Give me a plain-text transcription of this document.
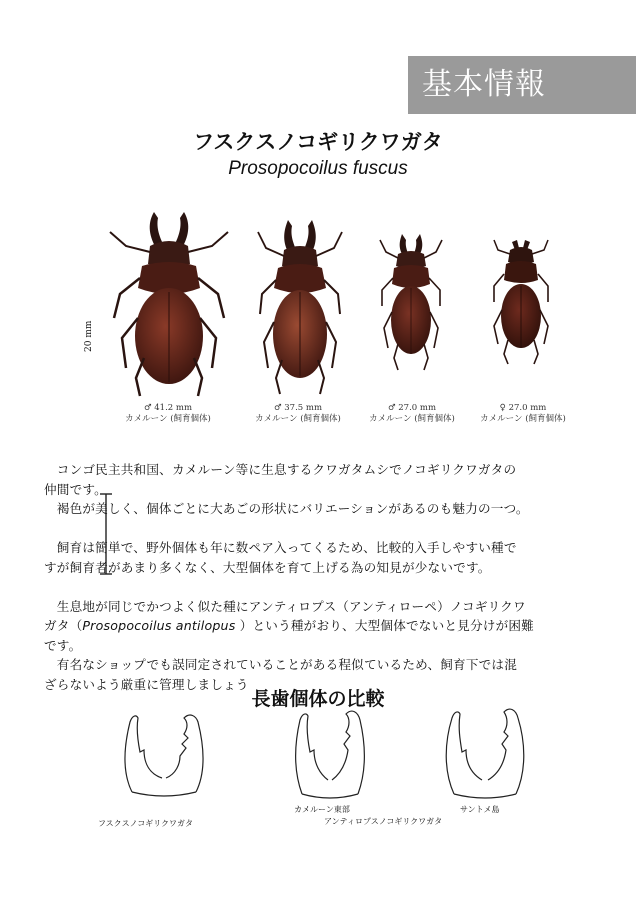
基本情報
フスクスノコギリクワガタ
Prosopocoilus fuscus
20 mm
♂ 41.2 mm
カメルーン (飼育個体)
♂ 37.5 mm
カメルーン (飼育個体)
♂ 27.0 mm
カメルーン (飼育個体)
♀ 27.0 mm
カメルーン (飼育個体)

　コンゴ民主共和国、カメルーン等に生息するクワガタムシでノコギリクワガタの

仲間です。

　褐色が美しく、個体ごとに大あごの形状にバリエーションがあるのも魅力の一つ。

　飼育は簡単で、野外個体も年に数ペア入ってくるため、比較的入手しやすい種で

すが飼育者があまり多くなく、大型個体を育て上げる為の知見が少ないです。

　生息地が同じでかつよく似た種にアンティロプス（アンティローペ）ノコギリクワ

ガタ（Prosopocoilus antilopus ）という種がおり、大型個体でないと見分けが困難

です。

　有名なショップでも誤同定されていることがある程似ているため、飼育下では混

ざらないよう厳重に管理しましょう

長歯個体の比較
フスクスノコギリクワガタ
カメルーン東部
アンティロプスノコギリクワガタ
サントメ島
